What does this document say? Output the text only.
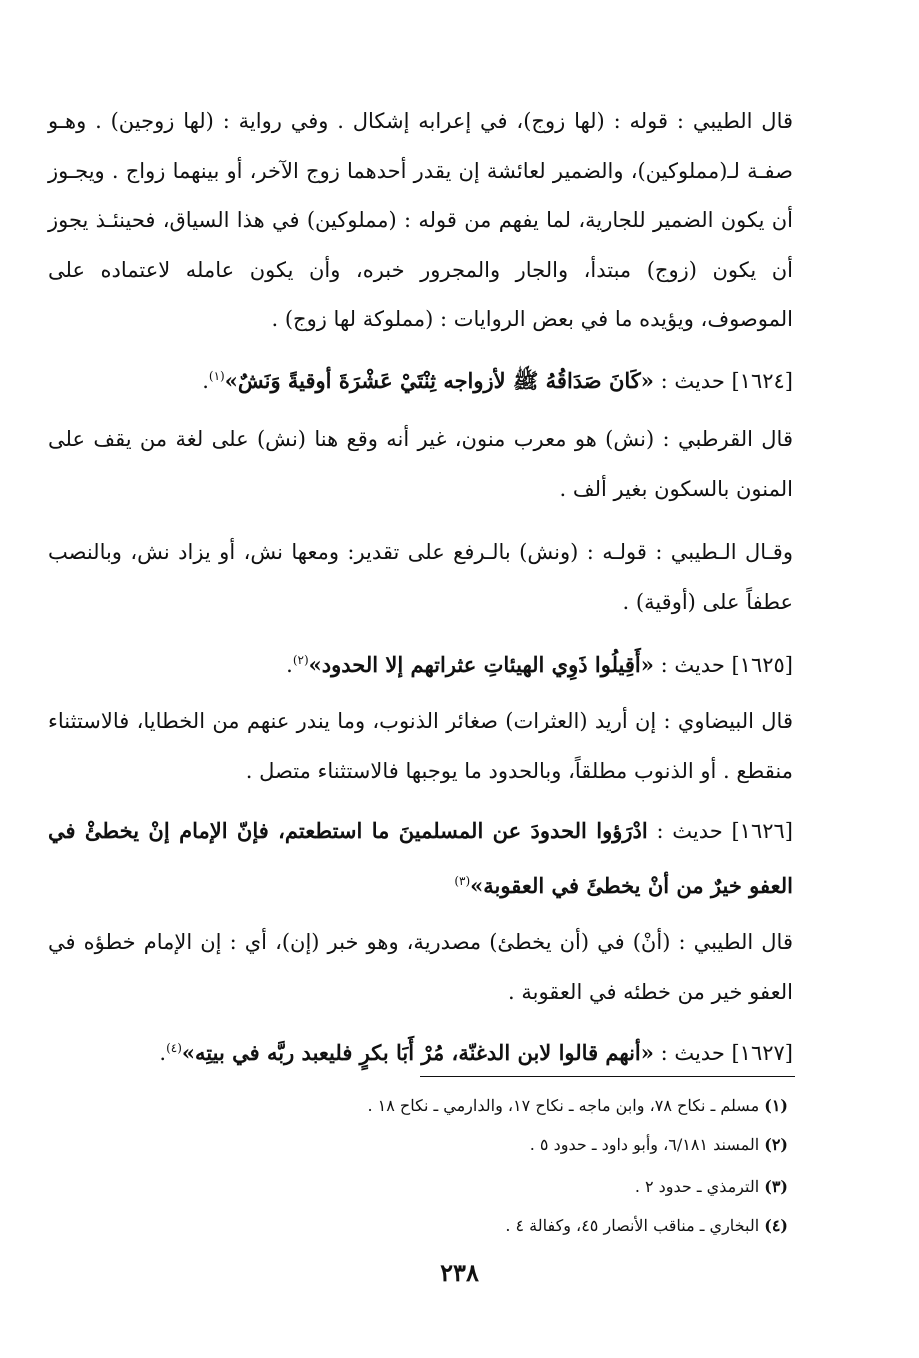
قال الطيبي : قوله : (لها زوج)، في إعرابه إشكال . وفي رواية : (لها زوجين) . وهـو صفـة لـ(مملوكين)، والضمير لعائشة إن يقدر أحدهما زوج الآخر، أو بينهما زواج . ويجـوز أن يكون الضمير للجارية، لما يفهم من قوله : (مملوكين) في هذا السياق، فحينئـذ يجوز أن يكون (زوج) مبتدأ، والجار والمجرور خبره، وأن يكون عامله لاعتماده على الموصوف، ويؤيده ما في بعض الروايات : (مملوكة لها زوج) .

[١٦٢٤] حديث : «كَانَ صَدَاقُهُ ﷺ لأزواجه ثِنْتَيْ عَشْرَةَ أوقيةً وَنَشٌ»$^{(١)}$.

قال القرطبي : (نش) هو معرب منون، غير أنه وقع هنا (نش) على لغة من يقف على المنون بالسكون بغير ألف .

وقـال الـطيبي : قولـه : (ونش) بالـرفع على تقدير: ومعها نش، أو يزاد نش، وبالنصب عطفاً على (أوقية) .

[١٦٢٥] حديث : «أَقِيلُوا ذَوِي الهيئاتِ عثراتهم إلا الحدود»$^{(٢)}$.

قال البيضاوي : إن أريد (العثرات) صغائر الذنوب، وما يندر عنهم من الخطايا، فالاستثناء منقطع . أو الذنوب مطلقاً، وبالحدود ما يوجبها فالاستثناء متصل .

[١٦٢٦] حديث : ادْرَؤوا الحدودَ عن المسلمينَ ما استطعتم، فإنّ الإمام إنْ يخطئْ في العفو خيرٌ من أنْ يخطئَ في العقوبة»$^{(٣)}$

قال الطيبي : (أنْ) في (أن يخطئ) مصدرية، وهو خبر (إن)، أي : إن الإمام خطؤه في العفو خير من خطئه في العقوبة .

[١٦٢٧] حديث : «أنهم قالوا لابن الدغنّة، مُرْ أَبَا بكرٍ فليعبد ربَّه في بيتِه»$^{(٤)}$.
(١) مسلم ـ نكاح ٧٨، وابن ماجه ـ نكاح ١٧، والدارمي ـ نكاح ١٨ .
(٢) المسند ٦/١٨١، وأبو داود ـ حدود ٥ .
(٣) الترمذي ـ حدود ٢ .
(٤) البخاري ـ مناقب الأنصار ٤٥، وكفالة ٤ .
٢٣٨
